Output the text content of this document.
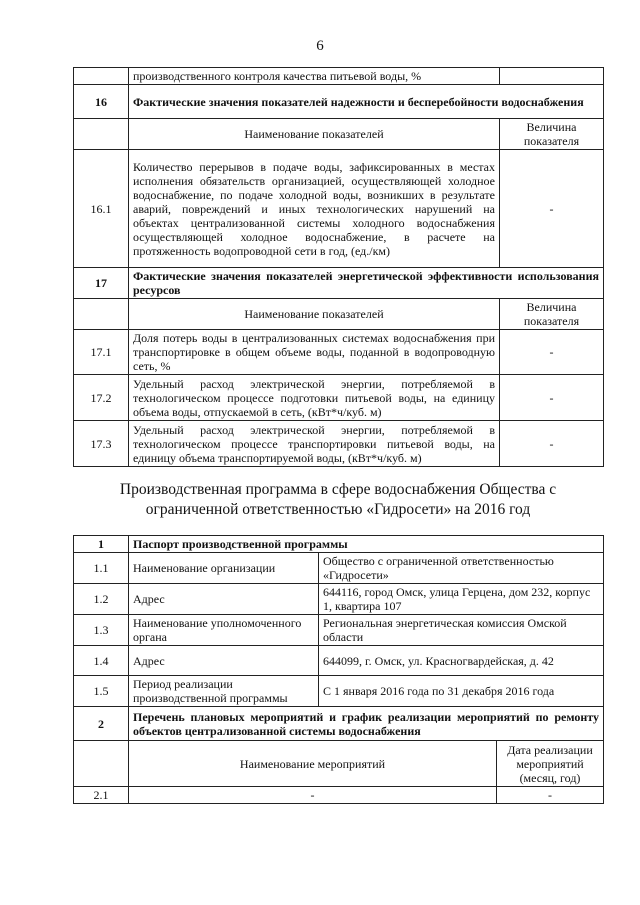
6
	производственного контроля качества питьевой воды, %	
16	Фактические значения показателей надежности и бесперебойности водоснабжения	
	Наименование показателей	Величина показателя
16.1	Количество перерывов в подаче воды, зафиксированных в местах исполнения обязательств организацией, осуществляющей холодное водоснабжение, по подаче холодной воды, возникших в результате аварий, повреждений и иных технологических нарушений на объектах централизованной системы холодного водоснабжения осуществляющей холодное водоснабжение, в расчете на протяженность водопроводной сети в год, (ед./км)	-
17	Фактические значения показателей энергетической эффективности использования ресурсов	
	Наименование показателей	Величина показателя
17.1	Доля потерь воды в централизованных системах водоснабжения при транспортировке в общем объеме воды, поданной в водопроводную сеть, %	-
17.2	Удельный расход электрической энергии, потребляемой в технологическом процессе подготовки питьевой воды, на единицу объема воды, отпускаемой в сеть, (кВт*ч/куб. м)	-
17.3	Удельный расход электрической энергии, потребляемой в технологическом процессе транспортировки питьевой воды, на единицу объема транспортируемой воды, (кВт*ч/куб. м)	-
Производственная программа в сфере водоснабжения Общества с ограниченной ответственностью «Гидросети» на 2016 год
1	Паспорт производственной программы		
1.1	Наименование организации	Общество с ограниченной ответственностью «Гидросети»	
1.2	Адрес	644116, город Омск, улица Герцена, дом 232, корпус 1, квартира 107	
1.3	Наименование уполномоченного органа	Региональная энергетическая комиссия Омской области	
1.4	Адрес	644099, г. Омск, ул. Красногвардейская, д. 42	
1.5	Период реализации производственной программы	С 1 января 2016 года по 31 декабря 2016 года	
2	Перечень плановых мероприятий и график реализации мероприятий по ремонту объектов централизованной системы водоснабжения		
	Наименование мероприятий		Дата реализации мероприятий (месяц, год)
2.1	-		-
